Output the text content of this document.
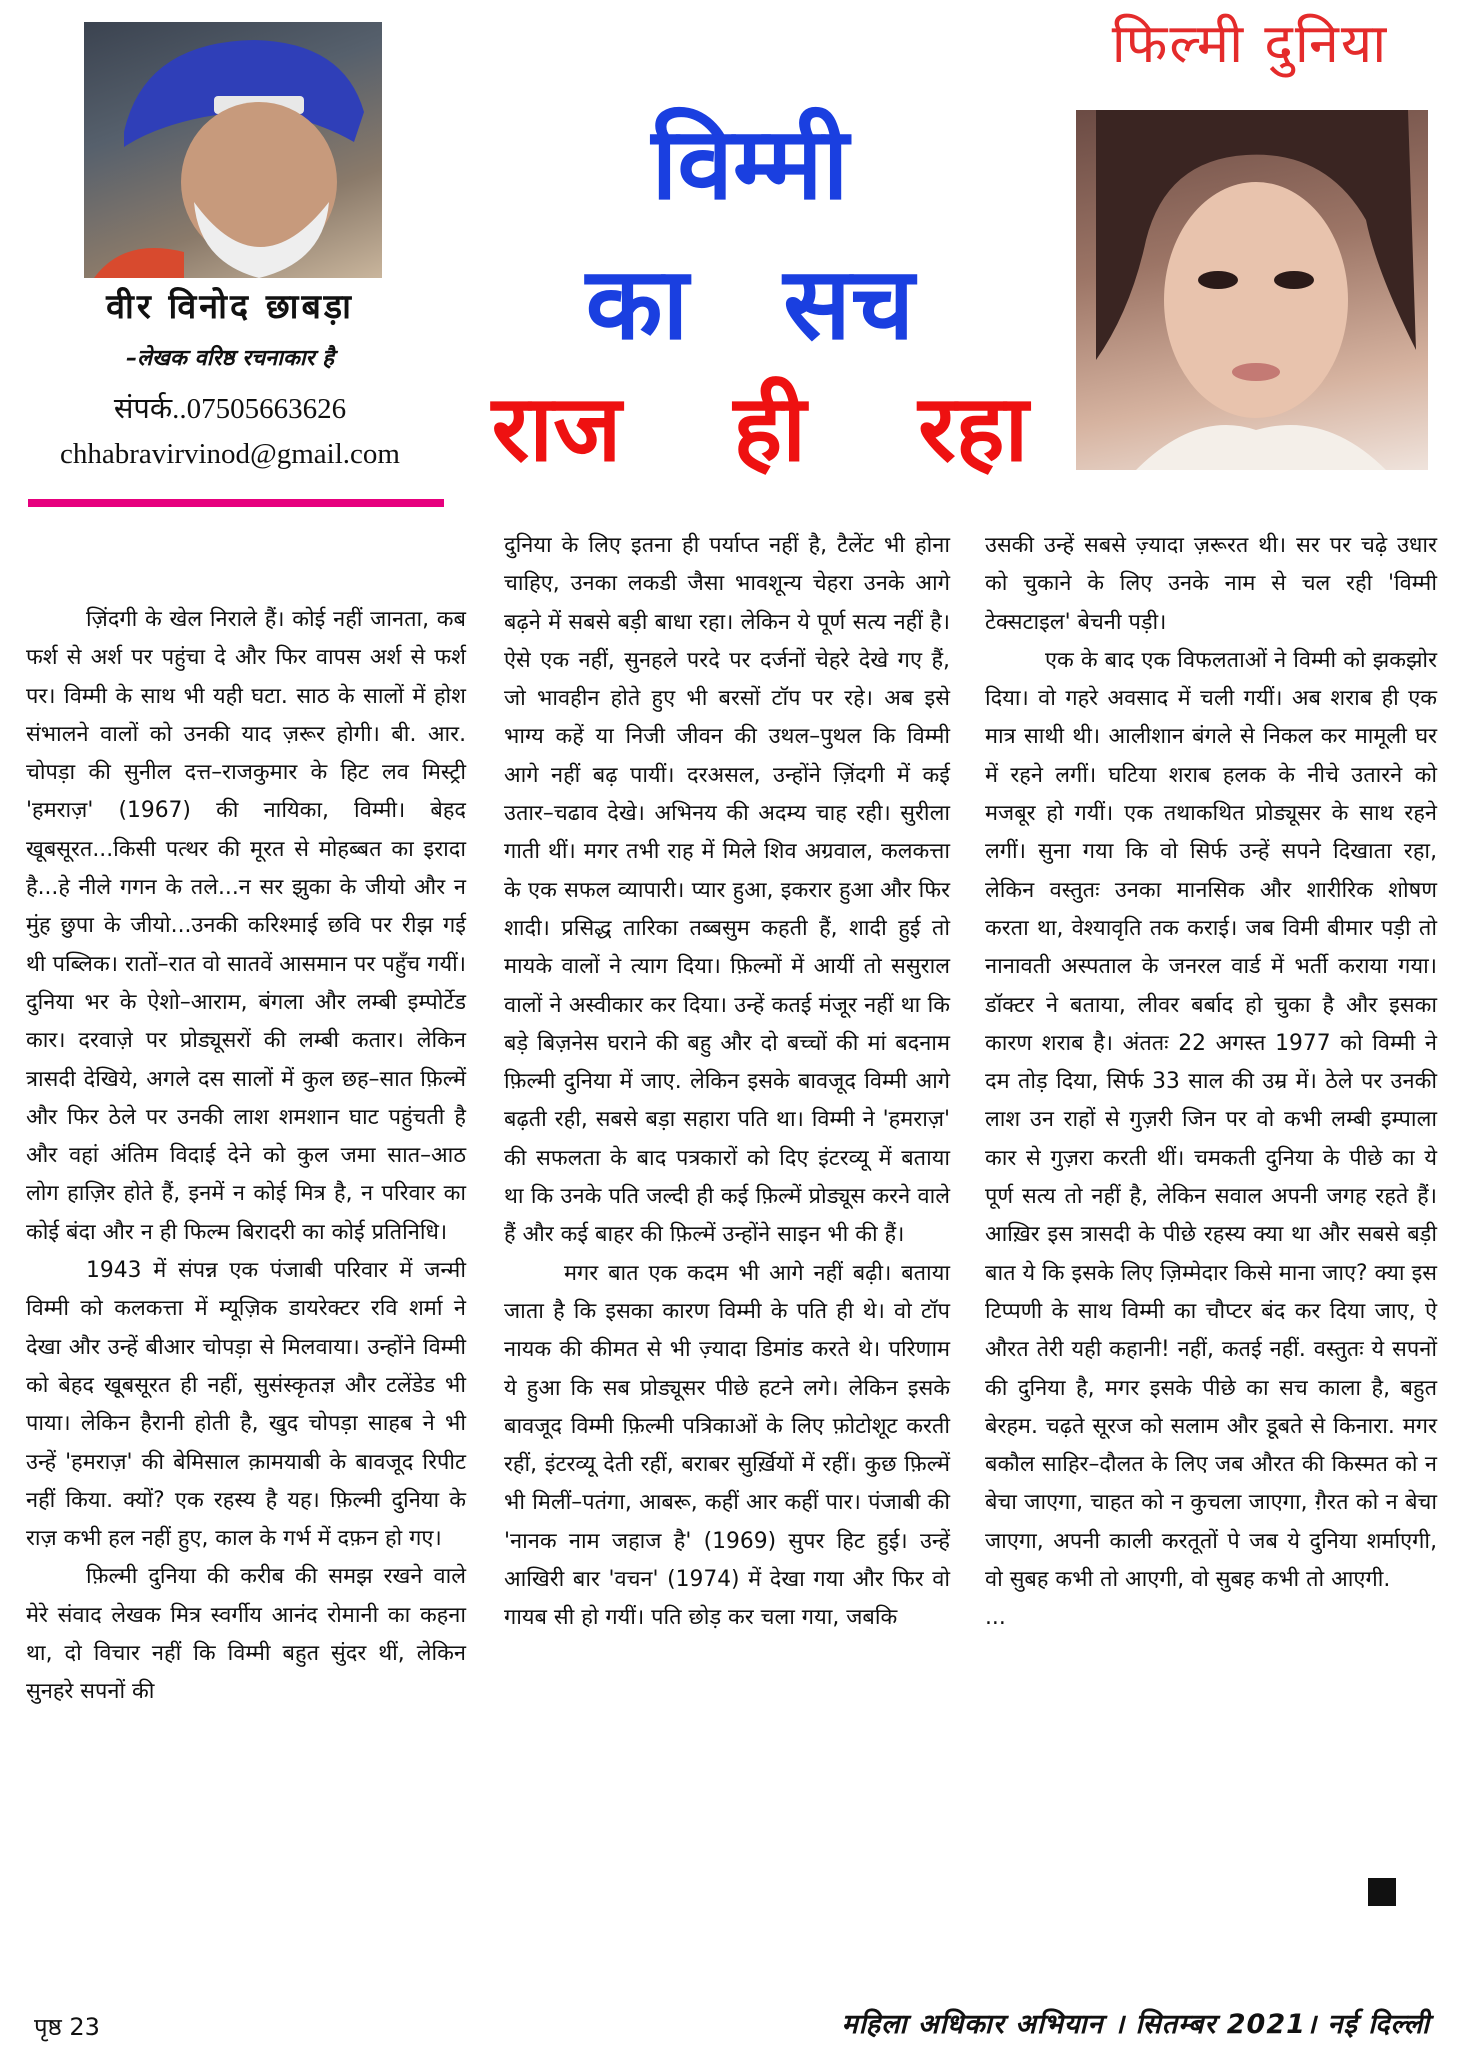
वीर विनोद छाबड़ा
–लेखक वरिष्ठ रचनाकार है
संपर्क..07505663626
chhabravirvinod@gmail.com
फिल्मी दुनिया
विम्मी
का सच
राज ही रहा

ज़िंदगी के खेल निराले हैं। कोई नहीं जानता, कब फर्श से अर्श पर पहुंचा दे और फिर वापस अर्श से फर्श पर। विम्मी के साथ भी यही घटा. साठ के सालों में होश संभालने वालों को उनकी याद ज़रूर होगी। बी. आर. चोपड़ा की सुनील दत्त–राजकुमार के हिट लव मिस्ट्री 'हमराज़' (1967) की नायिका, विम्मी। बेहद खूबसूरत...किसी पत्थर की मूरत से मोहब्बत का इरादा है...हे नीले गगन के तले...न सर झुका के जीयो और न मुंह छुपा के जीयो...उनकी करिश्माई छवि पर रीझ गई थी पब्लिक। रातों–रात वो सातवें आसमान पर पहुँच गयीं। दुनिया भर के ऐशो–आराम, बंगला और लम्बी इम्पोर्टेड कार। दरवाज़े पर प्रोड्यूसरों की लम्बी कतार। लेकिन त्रासदी देखिये, अगले दस सालों में कुल छह–सात फ़िल्में और फिर ठेले पर उनकी लाश शमशान घाट पहुंचती है और वहां अंतिम विदाई देने को कुल जमा सात–आठ लोग हाज़िर होते हैं, इनमें न कोई मित्र है, न परिवार का कोई बंदा और न ही फिल्म बिरादरी का कोई प्रतिनिधि।

1943 में संपन्न एक पंजाबी परिवार में जन्मी विम्मी को कलकत्ता में म्यूज़िक डायरेक्टर रवि शर्मा ने देखा और उन्हें बीआर चोपड़ा से मिलवाया। उन्होंने विम्मी को बेहद खूबसूरत ही नहीं, सुसंस्कृतज्ञ और टलेंडेड भी पाया। लेकिन हैरानी होती है, खुद चोपड़ा साहब ने भी उन्हें 'हमराज़' की बेमिसाल क़ामयाबी के बावजूद रिपीट नहीं किया. क्यों? एक रहस्य है यह। फ़िल्मी दुनिया के राज़ कभी हल नहीं हुए, काल के गर्भ में दफ़न हो गए।

फ़िल्मी दुनिया की करीब की समझ रखने वाले मेरे संवाद लेखक मित्र स्वर्गीय आनंद रोमानी का कहना था, दो विचार नहीं कि विम्मी बहुत सुंदर थीं, लेकिन सुनहरे सपनों की

दुनिया के लिए इतना ही पर्याप्त नहीं है, टैलेंट भी होना चाहिए, उनका लकडी जैसा भावशून्य चेहरा उनके आगे बढ़ने में सबसे बड़ी बाधा रहा। लेकिन ये पूर्ण सत्य नहीं है। ऐसे एक नहीं, सुनहले परदे पर दर्जनों चेहरे देखे गए हैं, जो भावहीन होते हुए भी बरसों टॉप पर रहे। अब इसे भाग्य कहें या निजी जीवन की उथल–पुथल कि विम्मी आगे नहीं बढ़ पायीं। दरअसल, उन्होंने ज़िंदगी में कई उतार–चढाव देखे। अभिनय की अदम्य चाह रही। सुरीला गाती थीं। मगर तभी राह में मिले शिव अग्रवाल, कलकत्ता के एक सफल व्यापारी। प्यार हुआ, इकरार हुआ और फिर शादी। प्रसिद्ध तारिका तब्बसुम कहती हैं, शादी हुई तो मायके वालों ने त्याग दिया। फ़िल्मों में आयीं तो ससुराल वालों ने अस्वीकार कर दिया। उन्हें कतई मंजूर नहीं था कि बड़े बिज़नेस घराने की बहु और दो बच्चों की मां बदनाम फ़िल्मी दुनिया में जाए. लेकिन इसके बावजूद विम्मी आगे बढ़ती रही, सबसे बड़ा सहारा पति था। विम्मी ने 'हमराज़' की सफलता के बाद पत्रकारों को दिए इंटरव्यू में बताया था कि उनके पति जल्दी ही कई फ़िल्में प्रोड्यूस करने वाले हैं और कई बाहर की फ़िल्में उन्होंने साइन भी की हैं।

मगर बात एक कदम भी आगे नहीं बढ़ी। बताया जाता है कि इसका कारण विम्मी के पति ही थे। वो टॉप नायक की कीमत से भी ज़्यादा डिमांड करते थे। परिणाम ये हुआ कि सब प्रोड्यूसर पीछे हटने लगे। लेकिन इसके बावजूद विम्मी फ़िल्मी पत्रिकाओं के लिए फ़ोटोशूट करती रहीं, इंटरव्यू देती रहीं, बराबर सुर्ख़ियों में रहीं। कुछ फ़िल्में भी मिलीं–पतंगा, आबरू, कहीं आर कहीं पार। पंजाबी की 'नानक नाम जहाज है' (1969) सुपर हिट हुई। उन्हें आखिरी बार 'वचन' (1974) में देखा गया और फिर वो गायब सी हो गयीं। पति छोड़ कर चला गया, जबकि

उसकी उन्हें सबसे ज़्यादा ज़रूरत थी। सर पर चढ़े उधार को चुकाने के लिए उनके नाम से चल रही 'विम्मी टेक्सटाइल' बेचनी पड़ी।

एक के बाद एक विफलताओं ने विम्मी को झकझोर दिया। वो गहरे अवसाद में चली गयीं। अब शराब ही एक मात्र साथी थी। आलीशान बंगले से निकल कर मामूली घर में रहने लगीं। घटिया शराब हलक के नीचे उतारने को मजबूर हो गयीं। एक तथाकथित प्रोड्यूसर के साथ रहने लगीं। सुना गया कि वो सिर्फ उन्हें सपने दिखाता रहा, लेकिन वस्तुतः उनका मानसिक और शारीरिक शोषण करता था, वेश्यावृति तक कराई। जब विमी बीमार पड़ी तो नानावती अस्पताल के जनरल वार्ड में भर्ती कराया गया। डॉक्टर ने बताया, लीवर बर्बाद हो चुका है और इसका कारण शराब है। अंततः 22 अगस्त 1977 को विम्मी ने दम तोड़ दिया, सिर्फ 33 साल की उम्र में। ठेले पर उनकी लाश उन राहों से गुज़री जिन पर वो कभी लम्बी इम्पाला कार से गुज़रा करती थीं। चमकती दुनिया के पीछे का ये पूर्ण सत्य तो नहीं है, लेकिन सवाल अपनी जगह रहते हैं। आख़िर इस त्रासदी के पीछे रहस्य क्या था और सबसे बड़ी बात ये कि इसके लिए ज़िम्मेदार किसे माना जाए? क्या इस टिप्पणी के साथ विम्मी का चौप्टर बंद कर दिया जाए, ऐ औरत तेरी यही कहानी! नहीं, कतई नहीं. वस्तुतः ये सपनों की दुनिया है, मगर इसके पीछे का सच काला है, बहुत बेरहम. चढ़ते सूरज को सलाम और डूबते से किनारा. मगर बकौल साहिर–दौलत के लिए जब औरत की किस्मत को न बेचा जाएगा, चाहत को न कुचला जाएगा, ग़ैरत को न बेचा जाएगा, अपनी काली करतूतों पे जब ये दुनिया शर्माएगी, वो सुबह कभी तो आएगी, वो सुबह कभी तो आएगी.

...

पृष्ठ 23	महिला अधिकार अभियान । सितम्बर 2021। नई दिल्ली
